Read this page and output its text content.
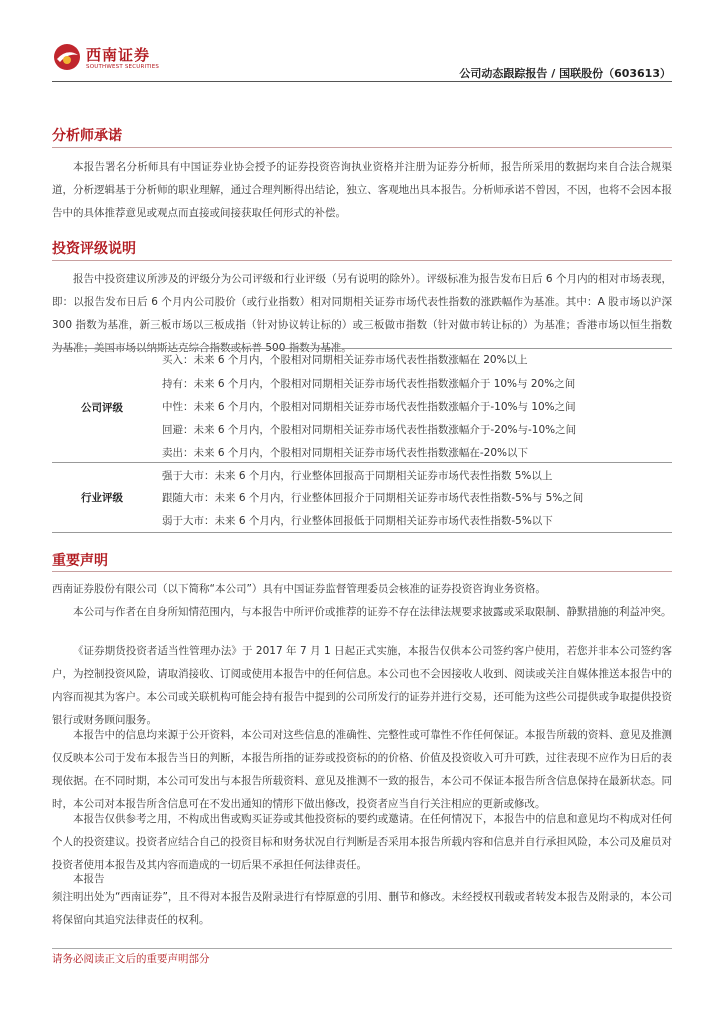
西南证券
SOUTHWEST SECURITIES	公司动态跟踪报告 / 国联股份（603613）
分析师承诺
本报告署名分析师具有中国证券业协会授予的证券投资咨询执业资格并注册为证券分析师，报告所采用的数据均来自合法合规渠道，分析逻辑基于分析师的职业理解，通过合理判断得出结论，独立、客观地出具本报告。分析师承诺不曾因，不因，也将不会因本报告中的具体推荐意见或观点而直接或间接获取任何形式的补偿。
投资评级说明
报告中投资建议所涉及的评级分为公司评级和行业评级（另有说明的除外）。评级标准为报告发布日后 6 个月内的相对市场表现，即：以报告发布日后 6 个月内公司股价（或行业指数）相对同期相关证券市场代表性指数的涨跌幅作为基准。其中：A 股市场以沪深 300 指数为基准，新三板市场以三板成指（针对协议转让标的）或三板做市指数（针对做市转让标的）为基准；香港市场以恒生指数为基准；美国市场以纳斯达克综合指数或标普 500 指数为基准。
公司评级
买入：未来 6 个月内，个股相对同期相关证券市场代表性指数涨幅在 20%以上
持有：未来 6 个月内，个股相对同期相关证券市场代表性指数涨幅介于 10%与 20%之间
中性：未来 6 个月内，个股相对同期相关证券市场代表性指数涨幅介于-10%与 10%之间
回避：未来 6 个月内，个股相对同期相关证券市场代表性指数涨幅介于-20%与-10%之间
卖出：未来 6 个月内，个股相对同期相关证券市场代表性指数涨幅在-20%以下
行业评级
强于大市：未来 6 个月内，行业整体回报高于同期相关证券市场代表性指数 5%以上
跟随大市：未来 6 个月内，行业整体回报介于同期相关证券市场代表性指数-5%与 5%之间
弱于大市：未来 6 个月内，行业整体回报低于同期相关证券市场代表性指数-5%以下
重要声明
西南证券股份有限公司（以下简称“本公司”）具有中国证券监督管理委员会核准的证券投资咨询业务资格。
本公司与作者在自身所知情范围内，与本报告中所评价或推荐的证券不存在法律法规要求披露或采取限制、静默措施的利益冲突。
《证券期货投资者适当性管理办法》于 2017 年 7 月 1 日起正式实施，本报告仅供本公司签约客户使用，若您并非本公司签约客户，为控制投资风险，请取消接收、订阅或使用本报告中的任何信息。本公司也不会因接收人收到、阅读或关注自媒体推送本报告中的内容而视其为客户。本公司或关联机构可能会持有报告中提到的公司所发行的证券并进行交易，还可能为这些公司提供或争取提供投资银行或财务顾问服务。
本报告中的信息均来源于公开资料，本公司对这些信息的准确性、完整性或可靠性不作任何保证。本报告所载的资料、意见及推测仅反映本公司于发布本报告当日的判断，本报告所指的证券或投资标的的价格、价值及投资收入可升可跌，过往表现不应作为日后的表现依据。在不同时期，本公司可发出与本报告所载资料、意见及推测不一致的报告，本公司不保证本报告所含信息保持在最新状态。同时，本公司对本报告所含信息可在不发出通知的情形下做出修改，投资者应当自行关注相应的更新或修改。
本报告仅供参考之用，不构成出售或购买证券或其他投资标的要约或邀请。在任何情况下，本报告中的信息和意见均不构成对任何个人的投资建议。投资者应结合自己的投资目标和财务状况自行判断是否采用本报告所载内容和信息并自行承担风险，本公司及雇员对投资者使用本报告及其内容而造成的一切后果不承担任何法律责任。
本报告
须注明出处为“西南证券”，且不得对本报告及附录进行有悖原意的引用、删节和修改。未经授权刊载或者转发本报告及附录的，本公司将保留向其追究法律责任的权利。
请务必阅读正文后的重要声明部分
